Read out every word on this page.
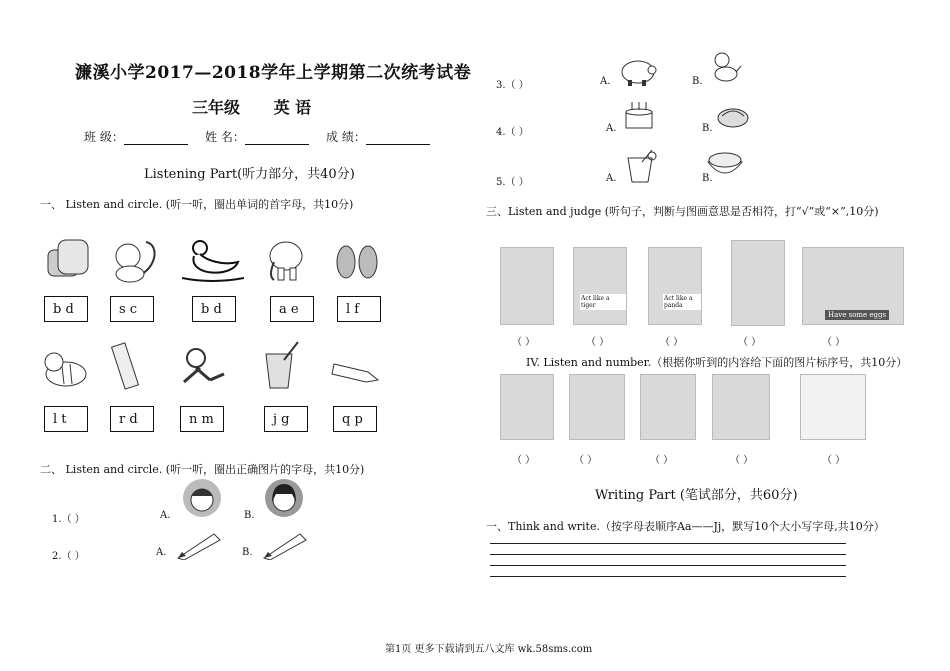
濂溪小学2017—2018学年上学期第二次统考试卷
三年级 英 语
班 级：	姓 名：	成 绩：
Listening Part(听力部分，共40分)
一、 Listen and circle. (听一听，圈出单词的首字母，共10分)
b d	s c	b d	a e	l f
l t	r d	n m	j g	q p
二、 Listen and circle. (听一听，圈出正确图片的字母，共10分)
1.（ ）	A.	B.
2.（ ）	A.	B.
3.（ ）	A.	B.
4.（ ）	A.	B.
5.（ ）	A.	B.
三、Listen and judge (听句子，判断与图画意思是否相符，打“√”或“×”,10分)
Act like a tiger
Act like a panda
Have some eggs
（ ）	（ ）	（ ）	（ ）	（ ）
IV. Listen and number.（根据你听到的内容给下面的图片标序号，共10分）
（ ）	（ ）	（ ）	（ ）	（ ）
Writing Part (笔试部分，共60分)
一、Think and write.（按字母表顺序Aa——Jj，默写10个大小写字母,共10分）
第1页 更多下载请到五八文库 wk.58sms.com
